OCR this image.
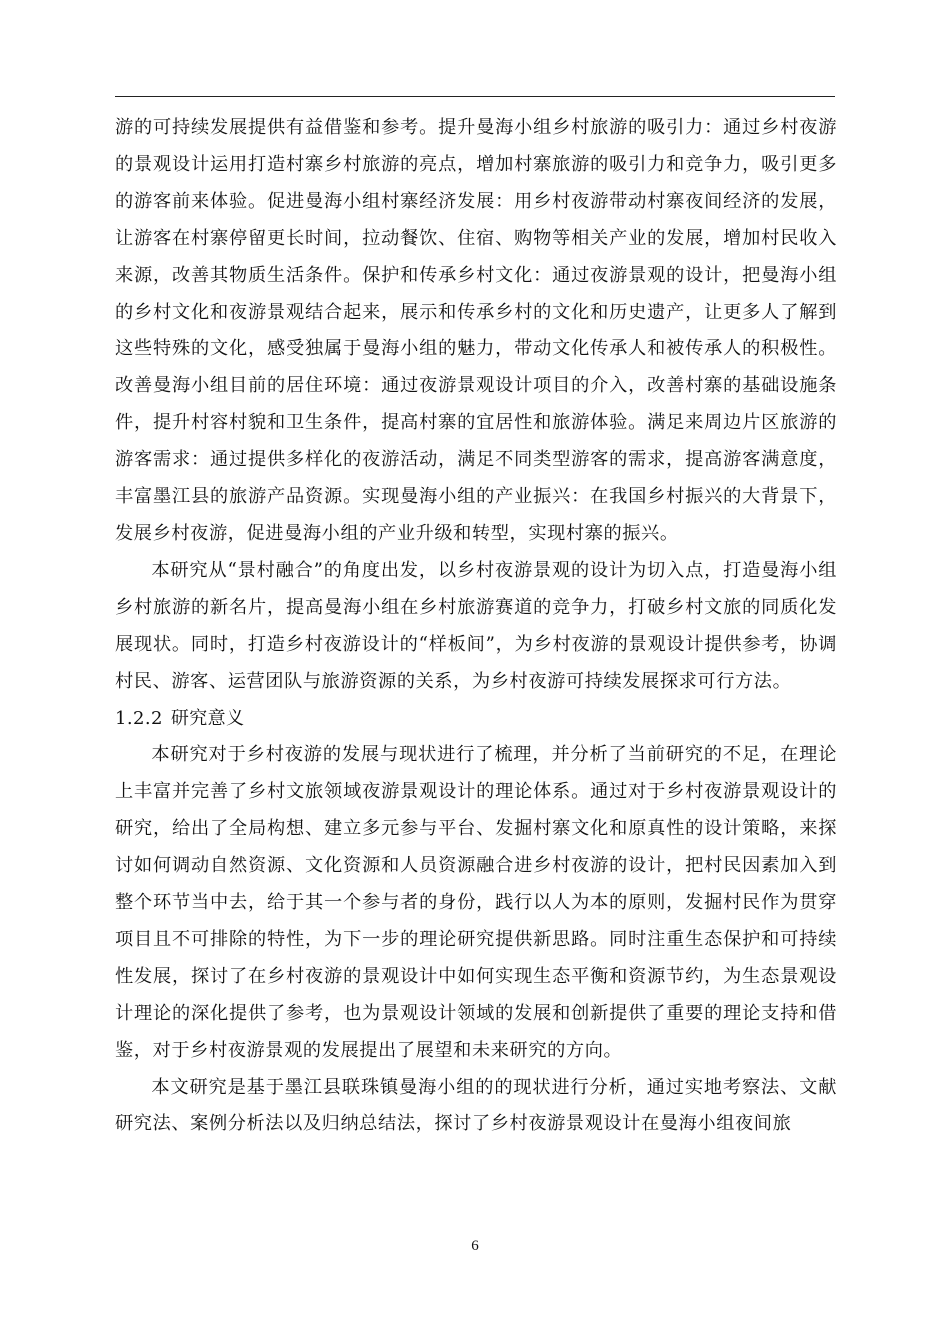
游的可持续发展提供有益借鉴和参考。提升曼海小组乡村旅游的吸引力：通过乡村夜游的景观设计运用打造村寨乡村旅游的亮点，增加村寨旅游的吸引力和竞争力，吸引更多的游客前来体验。促进曼海小组村寨经济发展：用乡村夜游带动村寨夜间经济的发展，让游客在村寨停留更长时间，拉动餐饮、住宿、购物等相关产业的发展，增加村民收入来源，改善其物质生活条件。保护和传承乡村文化：通过夜游景观的设计，把曼海小组的乡村文化和夜游景观结合起来，展示和传承乡村的文化和历史遗产，让更多人了解到这些特殊的文化，感受独属于曼海小组的魅力，带动文化传承人和被传承人的积极性。改善曼海小组目前的居住环境：通过夜游景观设计项目的介入，改善村寨的基础设施条件，提升村容村貌和卫生条件，提高村寨的宜居性和旅游体验。满足来周边片区旅游的游客需求：通过提供多样化的夜游活动，满足不同类型游客的需求，提高游客满意度，丰富墨江县的旅游产品资源。实现曼海小组的产业振兴：在我国乡村振兴的大背景下，发展乡村夜游，促进曼海小组的产业升级和转型，实现村寨的振兴。

本研究从“景村融合”的角度出发，以乡村夜游景观的设计为切入点，打造曼海小组乡村旅游的新名片，提高曼海小组在乡村旅游赛道的竞争力，打破乡村文旅的同质化发展现状。同时，打造乡村夜游设计的“样板间”，为乡村夜游的景观设计提供参考，协调村民、游客、运营团队与旅游资源的关系，为乡村夜游可持续发展探求可行方法。

1.2.2 研究意义

本研究对于乡村夜游的发展与现状进行了梳理，并分析了当前研究的不足，在理论上丰富并完善了乡村文旅领域夜游景观设计的理论体系。通过对于乡村夜游景观设计的研究，给出了全局构想、建立多元参与平台、发掘村寨文化和原真性的设计策略，来探讨如何调动自然资源、文化资源和人员资源融合进乡村夜游的设计，把村民因素加入到整个环节当中去，给于其一个参与者的身份，践行以人为本的原则，发掘村民作为贯穿项目且不可排除的特性，为下一步的理论研究提供新思路。同时注重生态保护和可持续性发展，探讨了在乡村夜游的景观设计中如何实现生态平衡和资源节约，为生态景观设计理论的深化提供了参考，也为景观设计领域的发展和创新提供了重要的理论支持和借鉴，对于乡村夜游景观的发展提出了展望和未来研究的方向。

本文研究是基于墨江县联珠镇曼海小组的的现状进行分析，通过实地考察法、文献研究法、案例分析法以及归纳总结法，探讨了乡村夜游景观设计在曼海小组夜间旅

6
